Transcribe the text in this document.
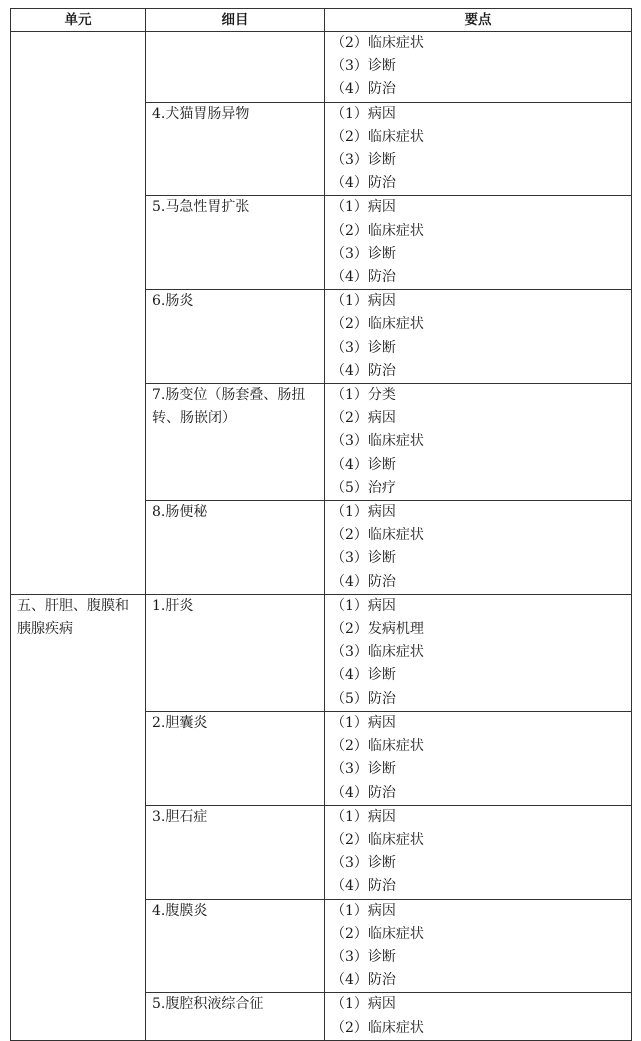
单元	细目	要点

		（2）临床症状
（3）诊断
（4）防治

	4.犬猫胃肠异物	（1）病因
（2）临床症状
（3）诊断
（4）防治

	5.马急性胃扩张	（1）病因
（2）临床症状
（3）诊断
（4）防治

	6.肠炎	（1）病因
（2）临床症状
（3）诊断
（4）防治

	7.肠变位（肠套叠、肠扭转、肠嵌闭）	（1）分类
（2）病因
（3）临床症状
（4）诊断
（5）治疗

	8.肠便秘	（1）病因
（2）临床症状
（3）诊断
（4）防治

五、肝胆、腹膜和胰腺疾病	1.肝炎	（1）病因
（2）发病机理
（3）临床症状
（4）诊断
（5）防治

	2.胆囊炎	（1）病因
（2）临床症状
（3）诊断
（4）防治

	3.胆石症	（1）病因
（2）临床症状
（3）诊断
（4）防治

	4.腹膜炎	（1）病因
（2）临床症状
（3）诊断
（4）防治

	5.腹腔积液综合征	（1）病因
（2）临床症状
